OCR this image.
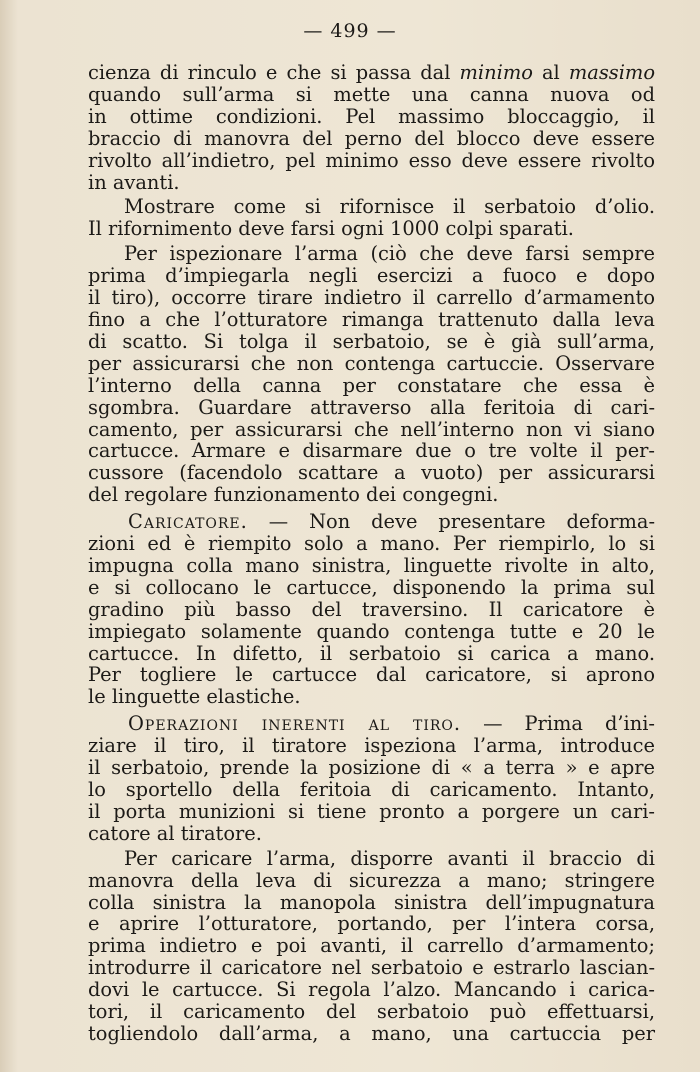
— 499 —

cienza di rinculo e che si passa dal minimo al massimo
quando sull’arma si mette una canna nuova od
in ottime condizioni. Pel massimo bloccaggio, il
braccio di manovra del perno del blocco deve essere
rivolto all’indietro, pel minimo esso deve essere rivolto
in avanti.

Mostrare come si rifornisce il serbatoio d’olio.
Il rifornimento deve farsi ogni 1000 colpi sparati.

Per ispezionare l’arma (ciò che deve farsi sempre
prima d’impiegarla negli esercizi a fuoco e dopo
il tiro), occorre tirare indietro il carrello d’armamento
fino a che l’otturatore rimanga trattenuto dalla leva
di scatto. Si tolga il serbatoio, se è già sull’arma,
per assicurarsi che non contenga cartuccie. Osservare
l’interno della canna per constatare che essa è
sgombra. Guardare attraverso alla feritoia di cari-
camento, per assicurarsi che nell’interno non vi siano
cartucce. Armare e disarmare due o tre volte il per-
cussore (facendolo scattare a vuoto) per assicurarsi
del regolare funzionamento dei congegni.

Caricatore. — Non deve presentare deforma-
zioni ed è riempito solo a mano. Per riempirlo, lo si
impugna colla mano sinistra, linguette rivolte in alto,
e si collocano le cartucce, disponendo la prima sul
gradino più basso del traversino. Il caricatore è
impiegato solamente quando contenga tutte e 20 le
cartucce. In difetto, il serbatoio si carica a mano.
Per togliere le cartucce dal caricatore, si aprono
le linguette elastiche.

Operazioni inerenti al tiro. — Prima d’ini-
ziare il tiro, il tiratore ispeziona l’arma, introduce
il serbatoio, prende la posizione di « a terra » e apre
lo sportello della feritoia di caricamento. Intanto,
il porta munizioni si tiene pronto a porgere un cari-
catore al tiratore.

Per caricare l’arma, disporre avanti il braccio di
manovra della leva di sicurezza a mano; stringere
colla sinistra la manopola sinistra dell’impugnatura
e aprire l’otturatore, portando, per l’intera corsa,
prima indietro e poi avanti, il carrello d’armamento;
introdurre il caricatore nel serbatoio e estrarlo lascian-
dovi le cartucce. Si regola l’alzo. Mancando i carica-
tori, il caricamento del serbatoio può effettuarsi,
togliendolo dall’arma, a mano, una cartuccia per
